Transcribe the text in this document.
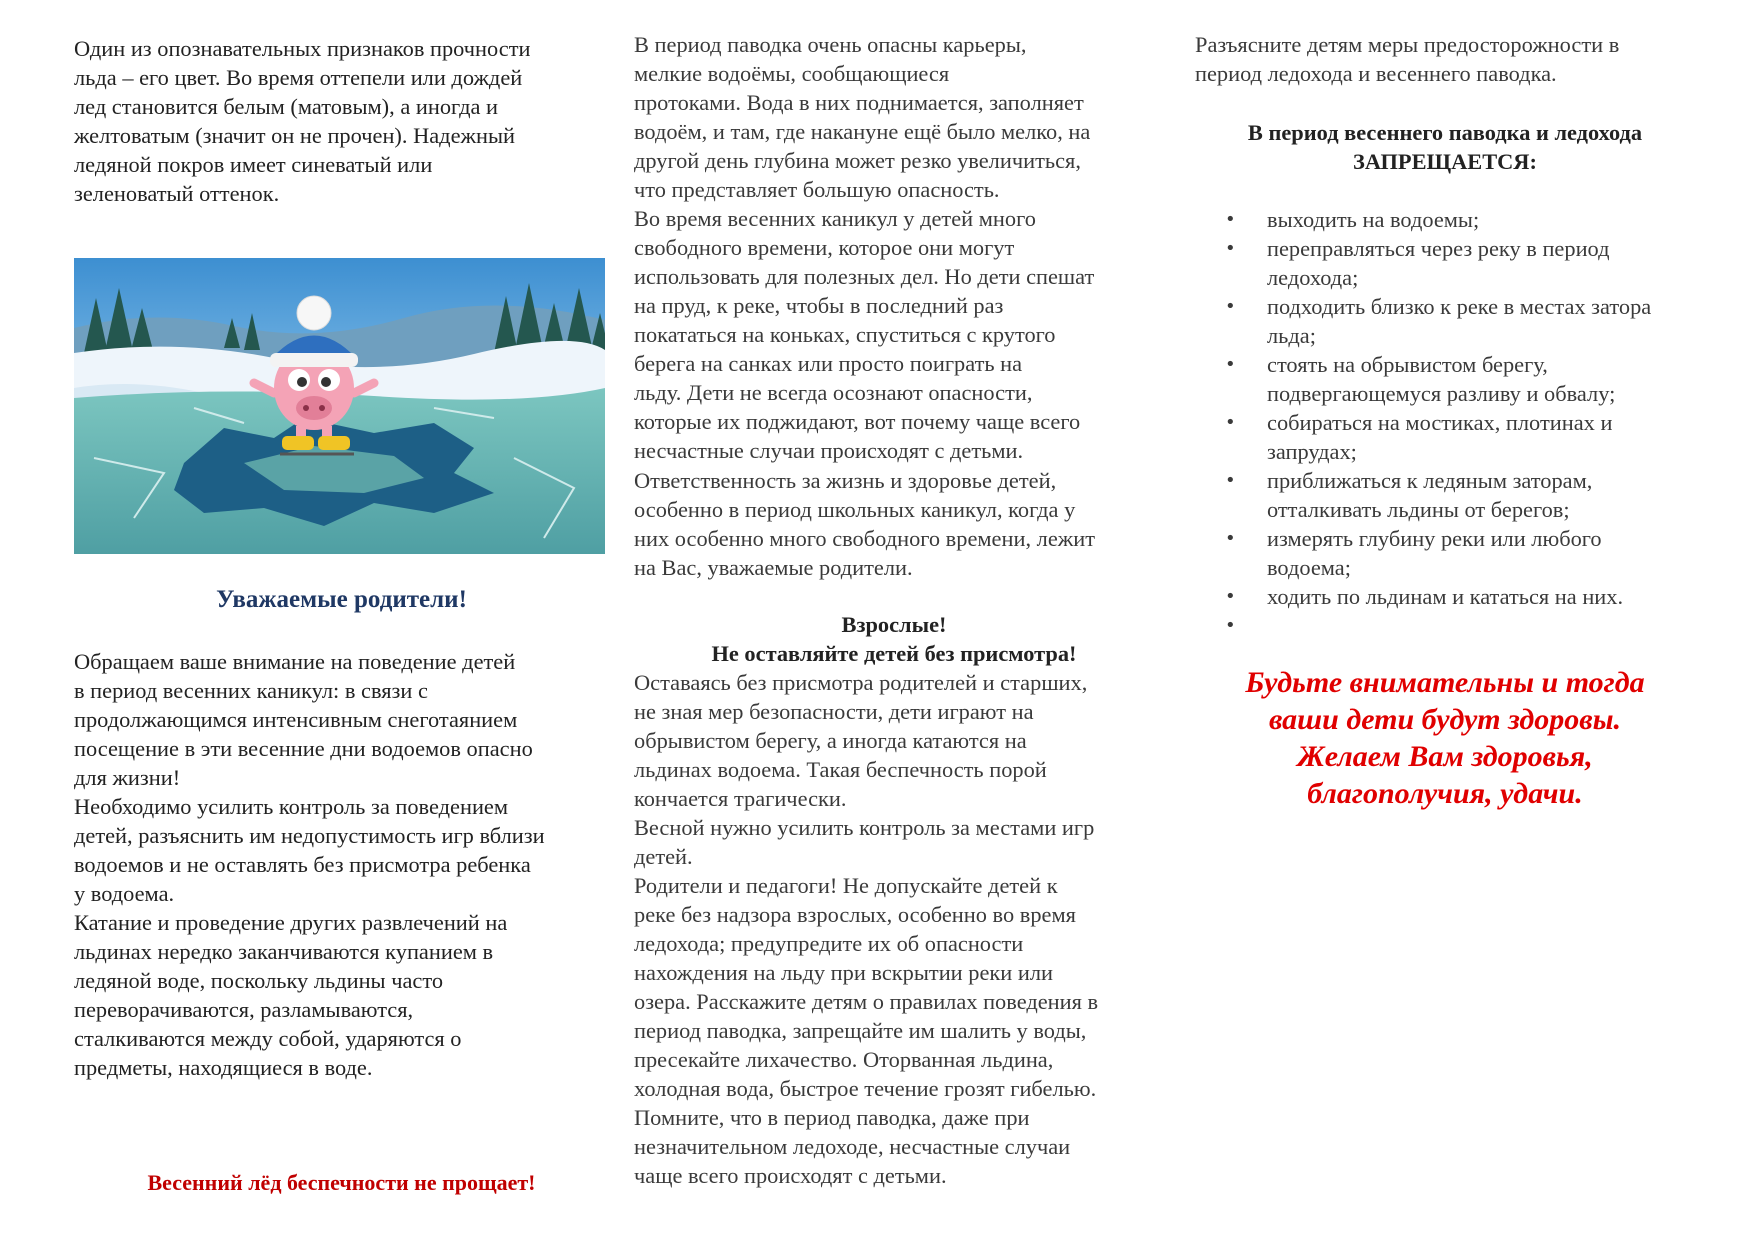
Один из опознавательных признаков прочности
льда – его цвет. Во время оттепели или дождей
лед становится белым (матовым), а иногда и
желтоватым (значит он не прочен). Надежный
ледяной покров имеет синеватый или
зеленоватый оттенок.

Уважаемые родители!

Обращаем ваше внимание на поведение детей
в период весенних каникул: в связи с
продолжающимся интенсивным снеготаянием
посещение в эти весенние дни водоемов опасно
для жизни!

Необходимо усилить контроль за поведением
детей, разъяснить им недопустимость игр вблизи
водоемов и не оставлять без присмотра ребенка
у водоема.

Катание и проведение других развлечений на
льдинах нередко заканчиваются купанием в
ледяной воде, поскольку льдины часто
переворачиваются, разламываются,
сталкиваются между собой, ударяются о
предметы, находящиеся в воде.

Весенний лёд беспечности не прощает!

В период паводка очень опасны карьеры,
мелкие водоёмы, сообщающиеся
протоками. Вода в них поднимается, заполняет
водоём, и там, где накануне ещё было мелко, на
другой день глубина может резко увеличиться,
что представляет большую опасность.

Во время весенних каникул у детей много
свободного времени, которое они могут
использовать для полезных дел. Но дети спешат
на пруд, к реке, чтобы в последний раз
покататься на коньках, спуститься с крутого
берега на санках или просто поиграть на
льду. Дети не всегда осознают опасности,
которые их поджидают, вот почему чаще всего
несчастные случаи происходят с детьми.

Ответственность за жизнь и здоровье детей,
особенно в период школьных каникул, когда у
них особенно много свободного времени, лежит
на Вас, уважаемые родители.

Взрослые!

Не оставляйте детей без присмотра!

Оставаясь без присмотра родителей и старших,
не зная мер безопасности, дети играют на
обрывистом берегу, а иногда катаются на
льдинах водоема. Такая беспечность порой
кончается трагически.

Весной нужно усилить контроль за местами игр
детей.

Родители и педагоги! Не допускайте детей к
реке без надзора взрослых, особенно во время
ледохода; предупредите их об опасности
нахождения на льду при вскрытии реки или
озера. Расскажите детям о правилах поведения в
период паводка, запрещайте им шалить у воды,
пресекайте лихачество. Оторванная льдина,
холодная вода, быстрое течение грозят гибелью.
Помните, что в период паводка, даже при
незначительном ледоходе, несчастные случаи
чаще всего происходят с детьми.

Разъясните детям меры предосторожности в
период ледохода и весеннего паводка.

В период весеннего паводка и ледохода

ЗАПРЕЩАЕТСЯ:

• выходить на водоемы;
• переправляться через реку в период
ледохода;
• подходить близко к реке в местах затора
льда;
• стоять на обрывистом берегу,
подвергающемуся разливу и обвалу;
• собираться на мостиках, плотинах и
запрудах;
• приближаться к ледяным заторам,
отталкивать льдины от берегов;
• измерять глубину реки или любого
водоема;
• ходить по льдинам и кататься на них.

Будьте внимательны и тогда
ваши дети будут здоровы.
Желаем Вам здоровья,
благополучия, удачи.
